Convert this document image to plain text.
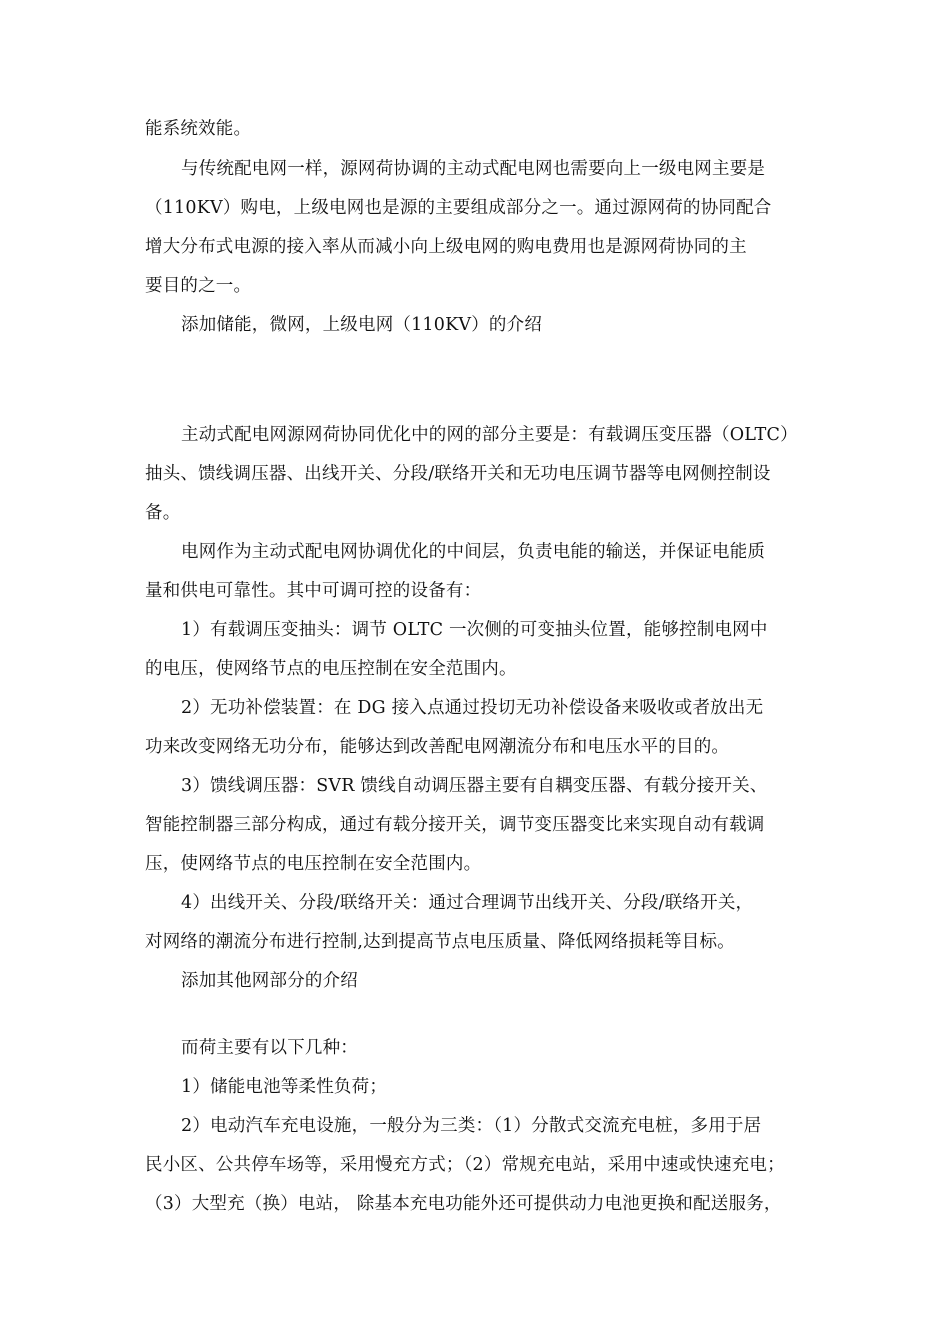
能系统效能。
与传统配电网一样，源网荷协调的主动式配电网也需要向上一级电网主要是
（110KV）购电，上级电网也是源的主要组成部分之一。通过源网荷的协同配合
增大分布式电源的接入率从而减小向上级电网的购电费用也是源网荷协同的主
要目的之一。
添加储能，微网，上级电网（110KV）的介绍
主动式配电网源网荷协同优化中的网的部分主要是：有载调压变压器（OLTC）
抽头、馈线调压器、出线开关、分段/联络开关和无功电压调节器等电网侧控制设
备。
电网作为主动式配电网协调优化的中间层，负责电能的输送，并保证电能质
量和供电可靠性。其中可调可控的设备有：
1）有载调压变抽头：调节 OLTC 一次侧的可变抽头位置，能够控制电网中
的电压，使网络节点的电压控制在安全范围内。
2）无功补偿装置：在 DG 接入点通过投切无功补偿设备来吸收或者放出无
功来改变网络无功分布，能够达到改善配电网潮流分布和电压水平的目的。
3）馈线调压器：SVR 馈线自动调压器主要有自耦变压器、有载分接开关、
智能控制器三部分构成，通过有载分接开关，调节变压器变比来实现自动有载调
压，使网络节点的电压控制在安全范围内。
4）出线开关、分段/联络开关：通过合理调节出线开关、分段/联络开关，
对网络的潮流分布进行控制,达到提高节点电压质量、降低网络损耗等目标。
添加其他网部分的介绍
而荷主要有以下几种：
1）储能电池等柔性负荷；
2）电动汽车充电设施，一般分为三类：（1）分散式交流充电桩，多用于居
民小区、公共停车场等，采用慢充方式；（2）常规充电站，采用中速或快速充电；
（3）大型充（换）电站， 除基本充电功能外还可提供动力电池更换和配送服务，
